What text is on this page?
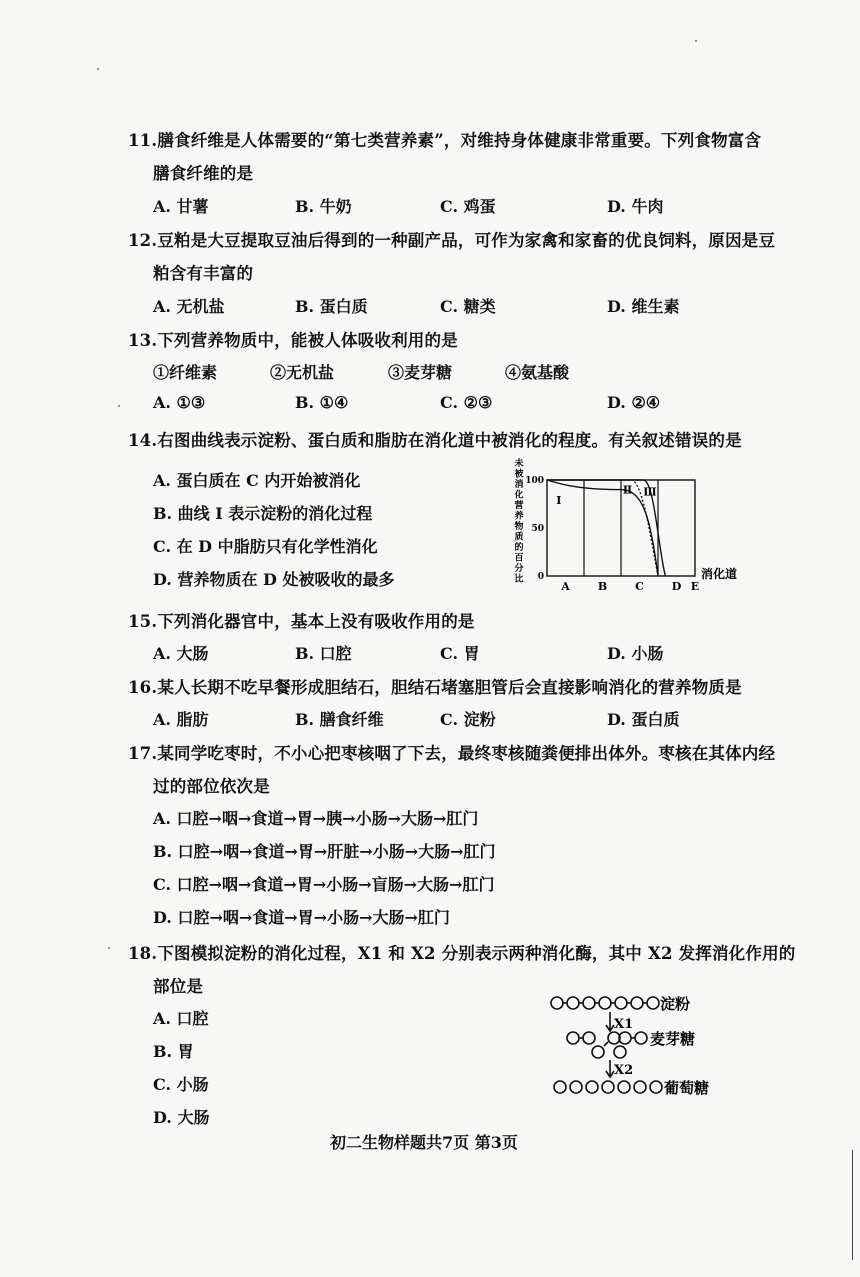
11.膳食纤维是人体需要的“第七类营养素”，对维持身体健康非常重要。下列食物富含
膳食纤维的是
A. 甘薯	B. 牛奶	C. 鸡蛋	D. 牛肉
12.豆粕是大豆提取豆油后得到的一种副产品，可作为家禽和家畜的优良饲料，原因是豆
粕含有丰富的
A. 无机盐	B. 蛋白质	C. 糖类	D. 维生素
13.下列营养物质中，能被人体吸收利用的是
①纤维素	②无机盐	③麦芽糖	④氨基酸
A. ①③	B. ①④	C. ②③	D. ②④
14.右图曲线表示淀粉、蛋白质和脂肪在消化道中被消化的程度。有关叙述错误的是
A. 蛋白质在 C 内开始被消化
B. 曲线 Ⅰ 表示淀粉的消化过程
C. 在 D 中脂肪只有化学性消化
D. 营养物质在 D 处被吸收的最多
未
被
消
化
营
养
物
质
的
百
分
比
100
50
0
A	B	C	D E
消化道
Ⅰ
Ⅱ Ⅲ
15.下列消化器官中，基本上没有吸收作用的是
A. 大肠	B. 口腔	C. 胃	D. 小肠
16.某人长期不吃早餐形成胆结石，胆结石堵塞胆管后会直接影响消化的营养物质是
A. 脂肪	B. 膳食纤维	C. 淀粉	D. 蛋白质
17.某同学吃枣时，不小心把枣核咽了下去，最终枣核随粪便排出体外。枣核在其体内经
过的部位依次是
A. 口腔→咽→食道→胃→胰→小肠→大肠→肛门
B. 口腔→咽→食道→胃→肝脏→小肠→大肠→肛门
C. 口腔→咽→食道→胃→小肠→盲肠→大肠→肛门
D. 口腔→咽→食道→胃→小肠→大肠→肛门
18.下图模拟淀粉的消化过程，X1 和 X2 分别表示两种消化酶，其中 X2 发挥消化作用的
部位是
A. 口腔
B. 胃
C. 小肠
D. 大肠
淀粉
X1
麦芽糖
X2
葡萄糖
初二生物样题共7页 第3页
